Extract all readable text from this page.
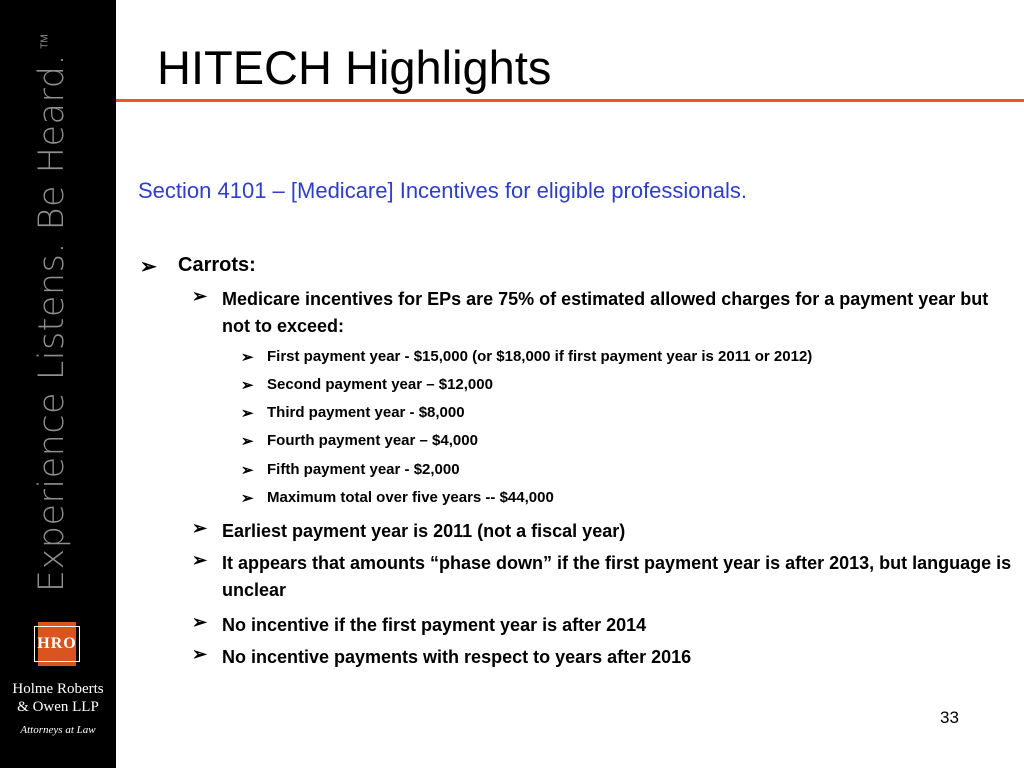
Experience Listens. Be Heard.
TM
HRO
Holme Roberts
& Owen LLP
Attorneys at Law
HITECH Highlights
Section 4101 – [Medicare] Incentives for eligible professionals.
➢ Carrots:
➢ Medicare incentives for EPs are 75% of estimated allowed charges for a payment year but not to exceed:
➢ First payment year - $15,000 (or $18,000 if first payment year is 2011 or 2012)
➢ Second payment year – $12,000
➢ Third payment year - $8,000
➢ Fourth payment year – $4,000
➢ Fifth payment year - $2,000
➢ Maximum total over five years -- $44,000
➢ Earliest payment year is 2011 (not a fiscal year)
➢ It appears that amounts “phase down” if the first payment year is after 2013, but language is unclear
➢ No incentive if the first payment year is after 2014
➢ No incentive payments with respect to years after 2016
33
